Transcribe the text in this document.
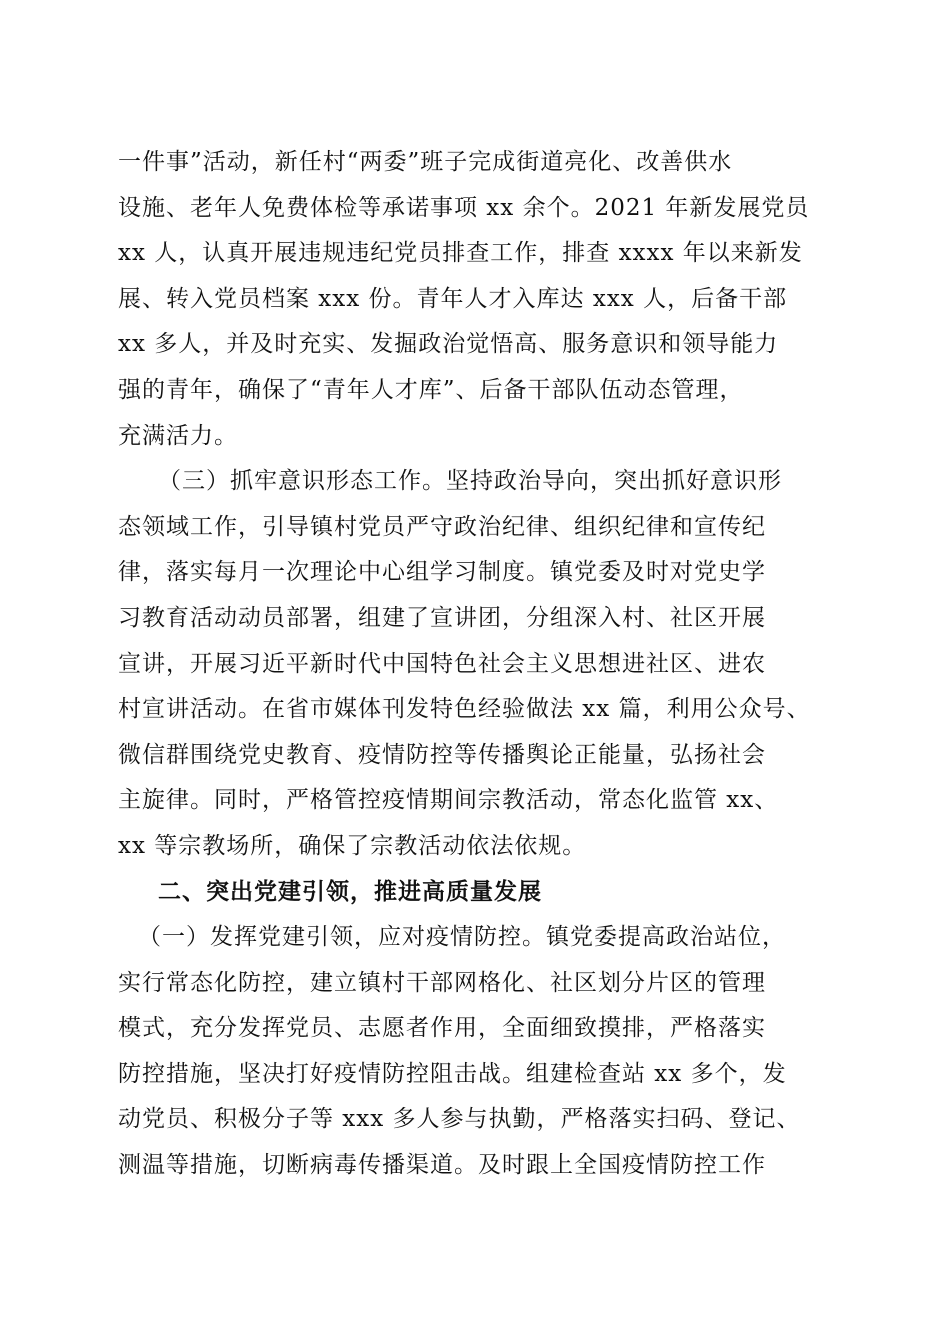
一件事”活动，新任村“两委”班子完成街道亮化、改善供水
设施、老年人免费体检等承诺事项 xx 余个。2021 年新发展党员
xx 人，认真开展违规违纪党员排查工作，排查 xxxx 年以来新发
展、转入党员档案 xxx 份。青年人才入库达 xxx 人，后备干部
xx 多人，并及时充实、发掘政治觉悟高、服务意识和领导能力
强的青年，确保了“青年人才库”、后备干部队伍动态管理，
充满活力。
（三）抓牢意识形态工作。坚持政治导向，突出抓好意识形
态领域工作，引导镇村党员严守政治纪律、组织纪律和宣传纪
律，落实每月一次理论中心组学习制度。镇党委及时对党史学
习教育活动动员部署，组建了宣讲团，分组深入村、社区开展
宣讲，开展习近平新时代中国特色社会主义思想进社区、进农
村宣讲活动。在省市媒体刊发特色经验做法 xx 篇，利用公众号、
微信群围绕党史教育、疫情防控等传播舆论正能量，弘扬社会
主旋律。同时，严格管控疫情期间宗教活动，常态化监管 xx、
xx 等宗教场所，确保了宗教活动依法依规。
二、突出党建引领，推进高质量发展
（一）发挥党建引领，应对疫情防控。镇党委提高政治站位，
实行常态化防控，建立镇村干部网格化、社区划分片区的管理
模式，充分发挥党员、志愿者作用，全面细致摸排，严格落实
防控措施，坚决打好疫情防控阻击战。组建检查站 xx 多个，发
动党员、积极分子等 xxx 多人参与执勤，严格落实扫码、登记、
测温等措施，切断病毒传播渠道。及时跟上全国疫情防控工作
